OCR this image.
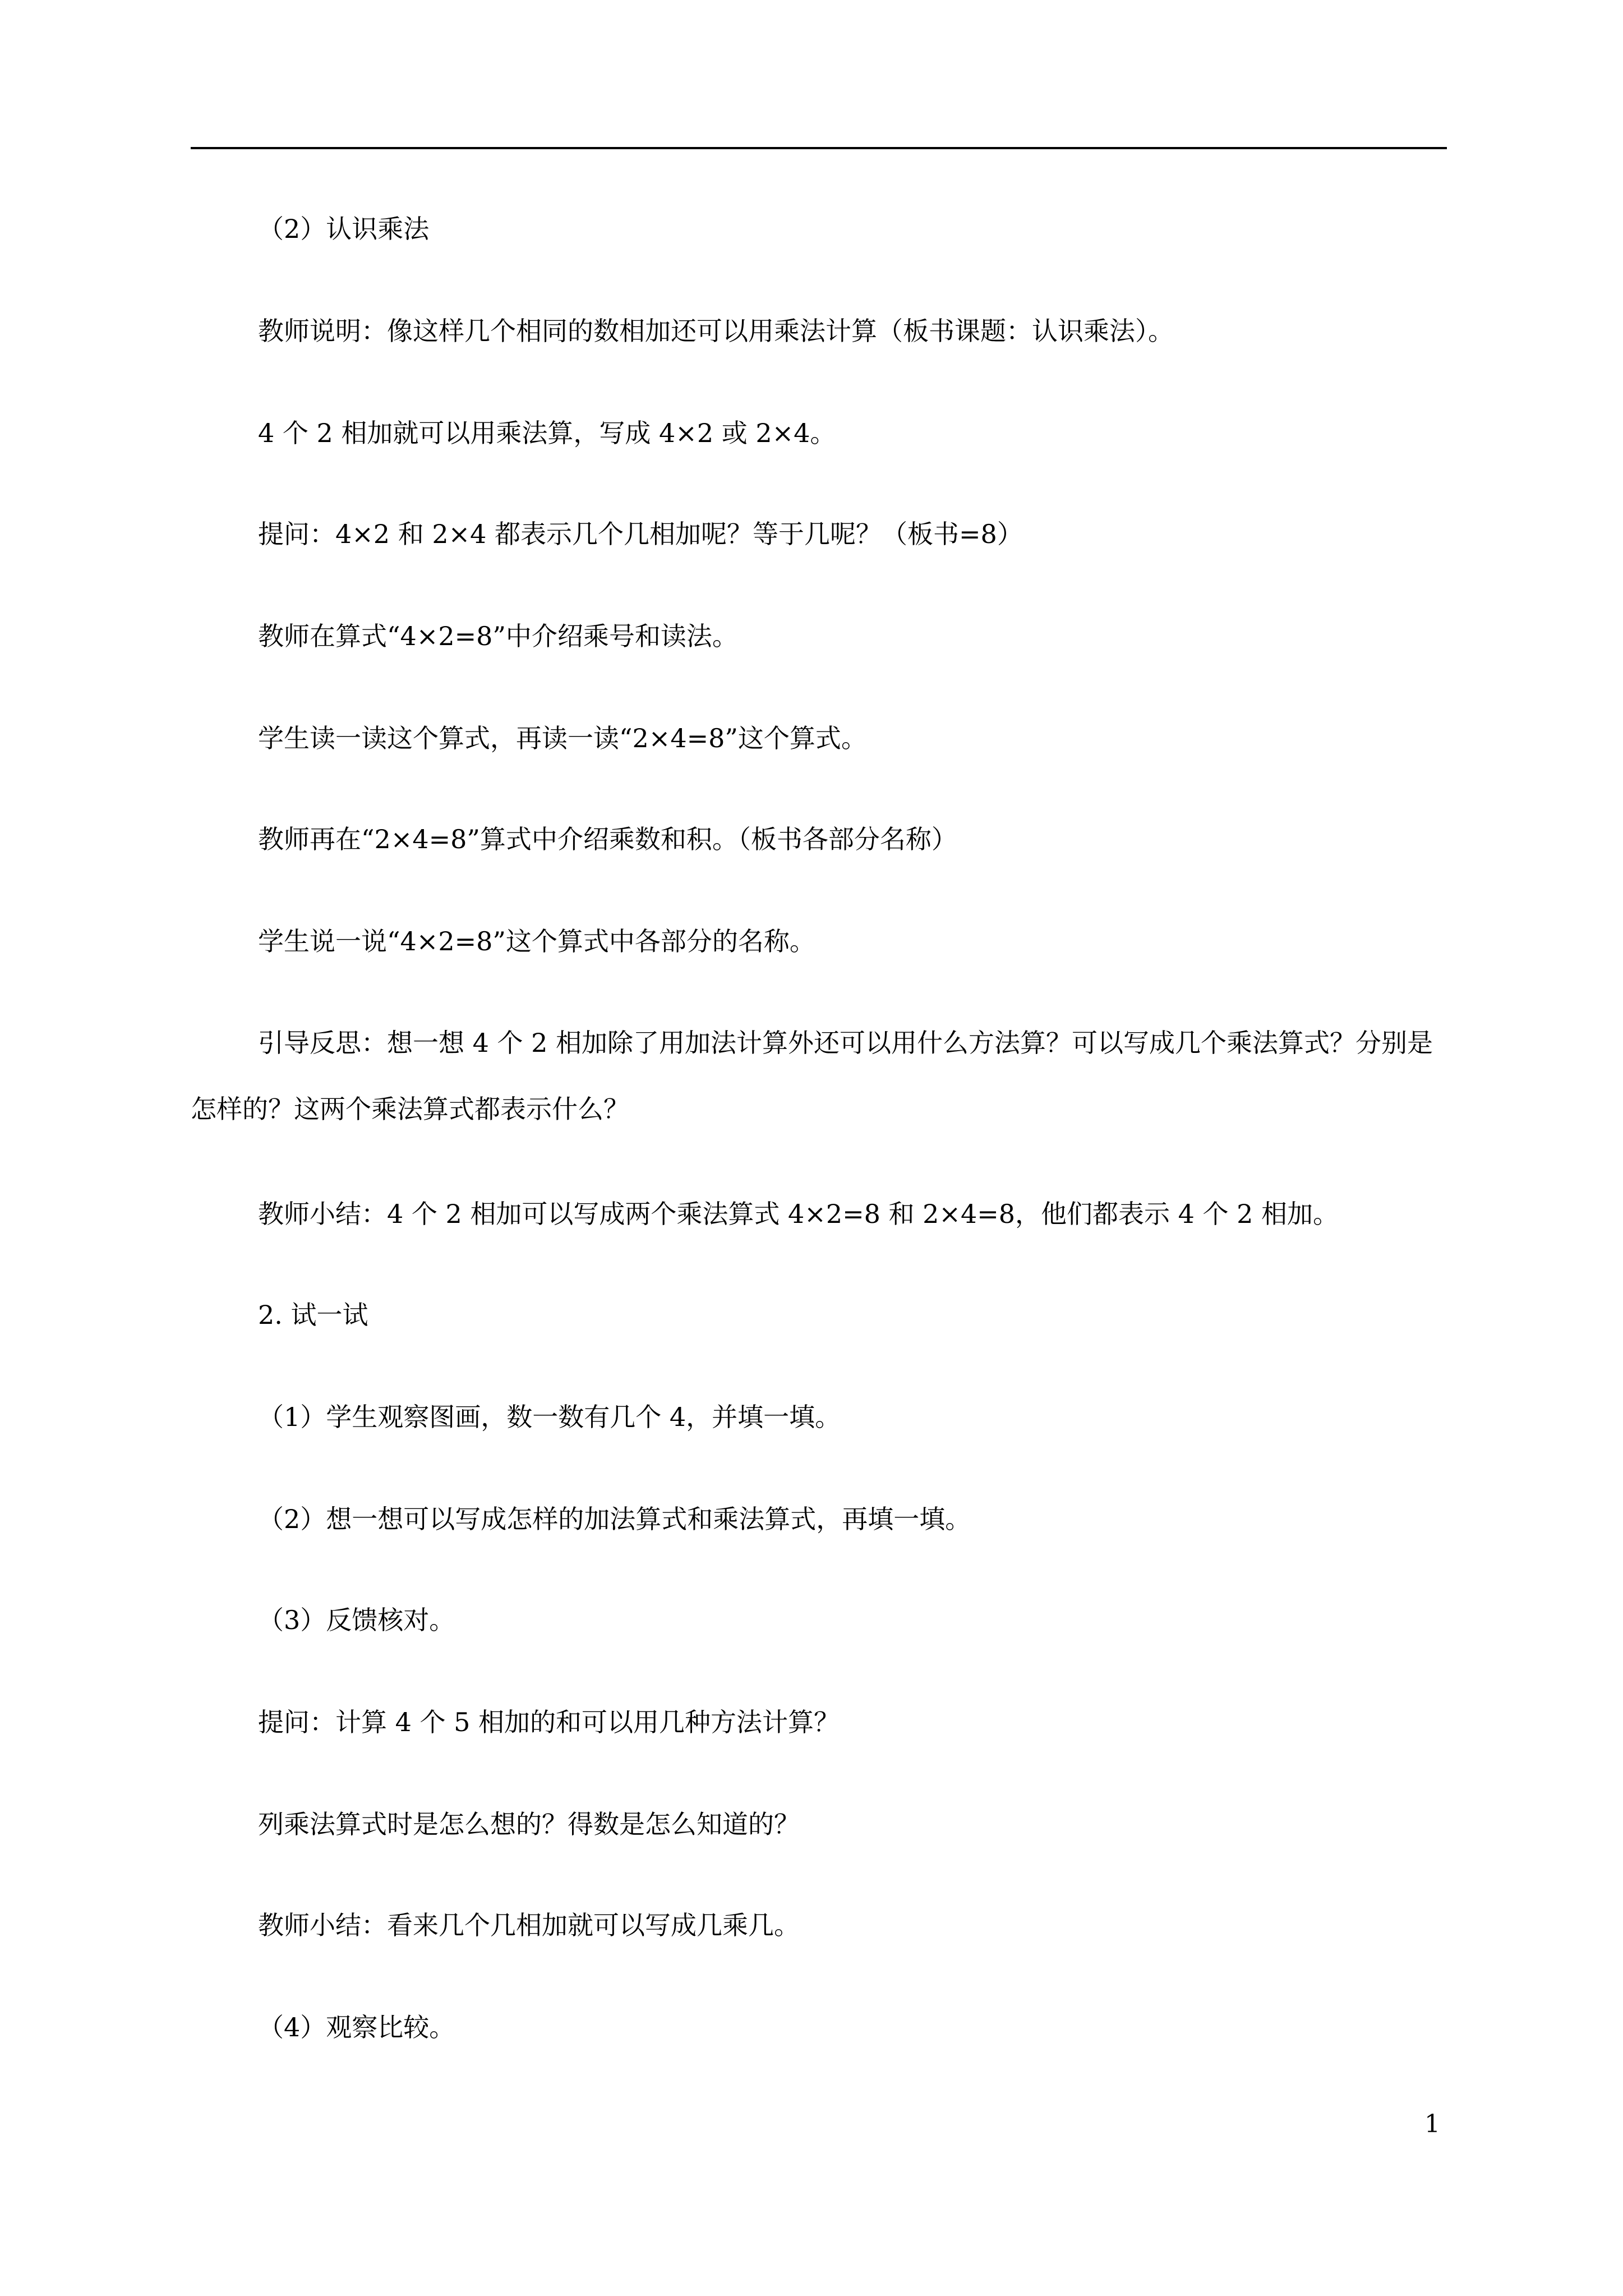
（2）认识乘法
教师说明：像这样几个相同的数相加还可以用乘法计算（板书课题：认识乘法）。
4 个 2 相加就可以用乘法算，写成 4×2 或 2×4。
提问：4×2 和 2×4 都表示几个几相加呢？等于几呢？（板书=8）
教师在算式“4×2=8”中介绍乘号和读法。
学生读一读这个算式，再读一读“2×4=8”这个算式。
教师再在“2×4=8”算式中介绍乘数和积。（板书各部分名称）
学生说一说“4×2=8”这个算式中各部分的名称。
引导反思：想一想 4 个 2 相加除了用加法计算外还可以用什么方法算？可以写成几个乘法算式？分别是怎样的？这两个乘法算式都表示什么？
教师小结：4 个 2 相加可以写成两个乘法算式 4×2=8 和 2×4=8，他们都表示 4 个 2 相加。
2. 试一试
（1）学生观察图画，数一数有几个 4，并填一填。
（2）想一想可以写成怎样的加法算式和乘法算式，再填一填。
（3）反馈核对。
提问：计算 4 个 5 相加的和可以用几种方法计算？
列乘法算式时是怎么想的？得数是怎么知道的？
教师小结：看来几个几相加就可以写成几乘几。
（4）观察比较。
1
